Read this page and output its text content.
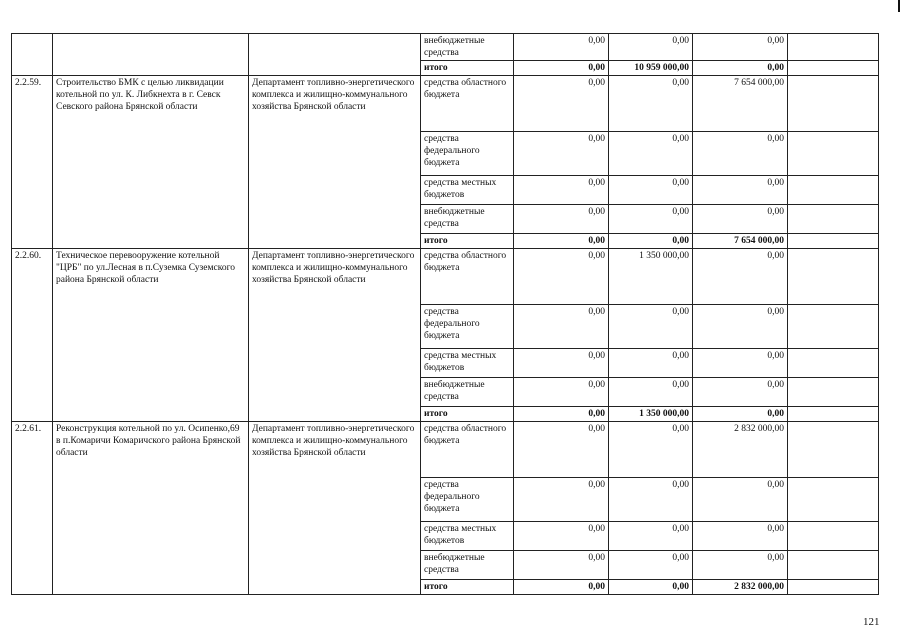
			внебюджетные средства	0,00	0,00	0,00	
			итого	0,00	10 959 000,00	0,00	
2.2.59.	Строительство БМК с целью ликвидации котельной по ул. К. Либкнехта в г. Севск Севского района Брянской области	Департамент топливно-энергетического комплекса и жилищно-коммунального хозяйства Брянской области	средства областного бюджета	0,00	0,00	7 654 000,00	
			средства федерального бюджета	0,00	0,00	0,00	
			средства местных бюджетов	0,00	0,00	0,00	
			внебюджетные средства	0,00	0,00	0,00	
			итого	0,00	0,00	7 654 000,00	
2.2.60.	Техническое перевооружение котельной "ЦРБ" по ул.Лесная в п.Суземка Суземского района Брянской области	Департамент топливно-энергетического комплекса и жилищно-коммунального хозяйства Брянской области	средства областного бюджета	0,00	1 350 000,00	0,00	
			средства федерального бюджета	0,00	0,00	0,00	
			средства местных бюджетов	0,00	0,00	0,00	
			внебюджетные средства	0,00	0,00	0,00	
			итого	0,00	1 350 000,00	0,00	
2.2.61.	Реконструкция котельной по ул. Осипенко,69 в п.Комаричи Комаричского района Брянской области	Департамент топливно-энергетического комплекса и жилищно-коммунального хозяйства Брянской области	средства областного бюджета	0,00	0,00	2 832 000,00	
			средства федерального бюджета	0,00	0,00	0,00	
			средства местных бюджетов	0,00	0,00	0,00	
			внебюджетные средства	0,00	0,00	0,00	
			итого	0,00	0,00	2 832 000,00	
121
